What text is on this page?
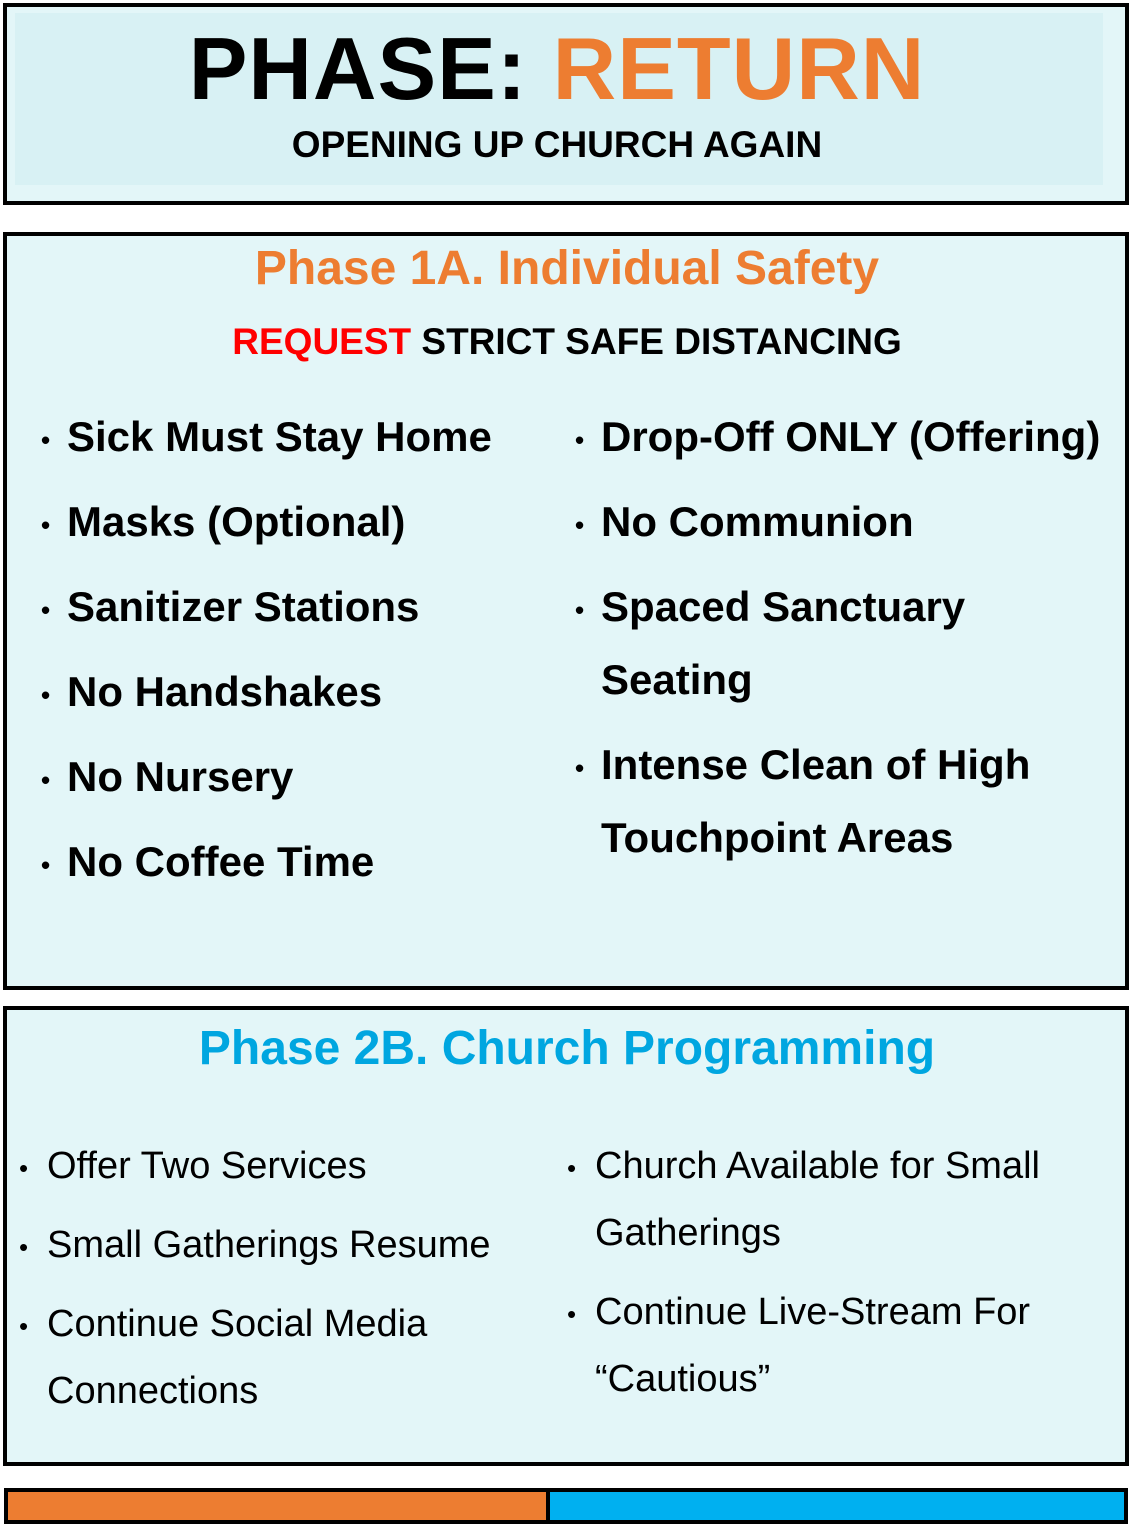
PHASE: RETURN
OPENING UP CHURCH AGAIN
Phase 1A. Individual Safety
REQUEST STRICT SAFE DISTANCING
• Sick Must Stay Home
• Masks (Optional)
• Sanitizer Stations
• No Handshakes
• No Nursery
• No Coffee Time
• Drop-Off ONLY (Offering)
• No Communion
• Spaced Sanctuary Seating
• Intense Clean of High Touchpoint Areas
Phase 2B. Church Programming
• Offer Two Services
• Small Gatherings Resume
• Continue Social Media Connections
• Church Available for Small Gatherings
• Continue Live-Stream For “Cautious”
